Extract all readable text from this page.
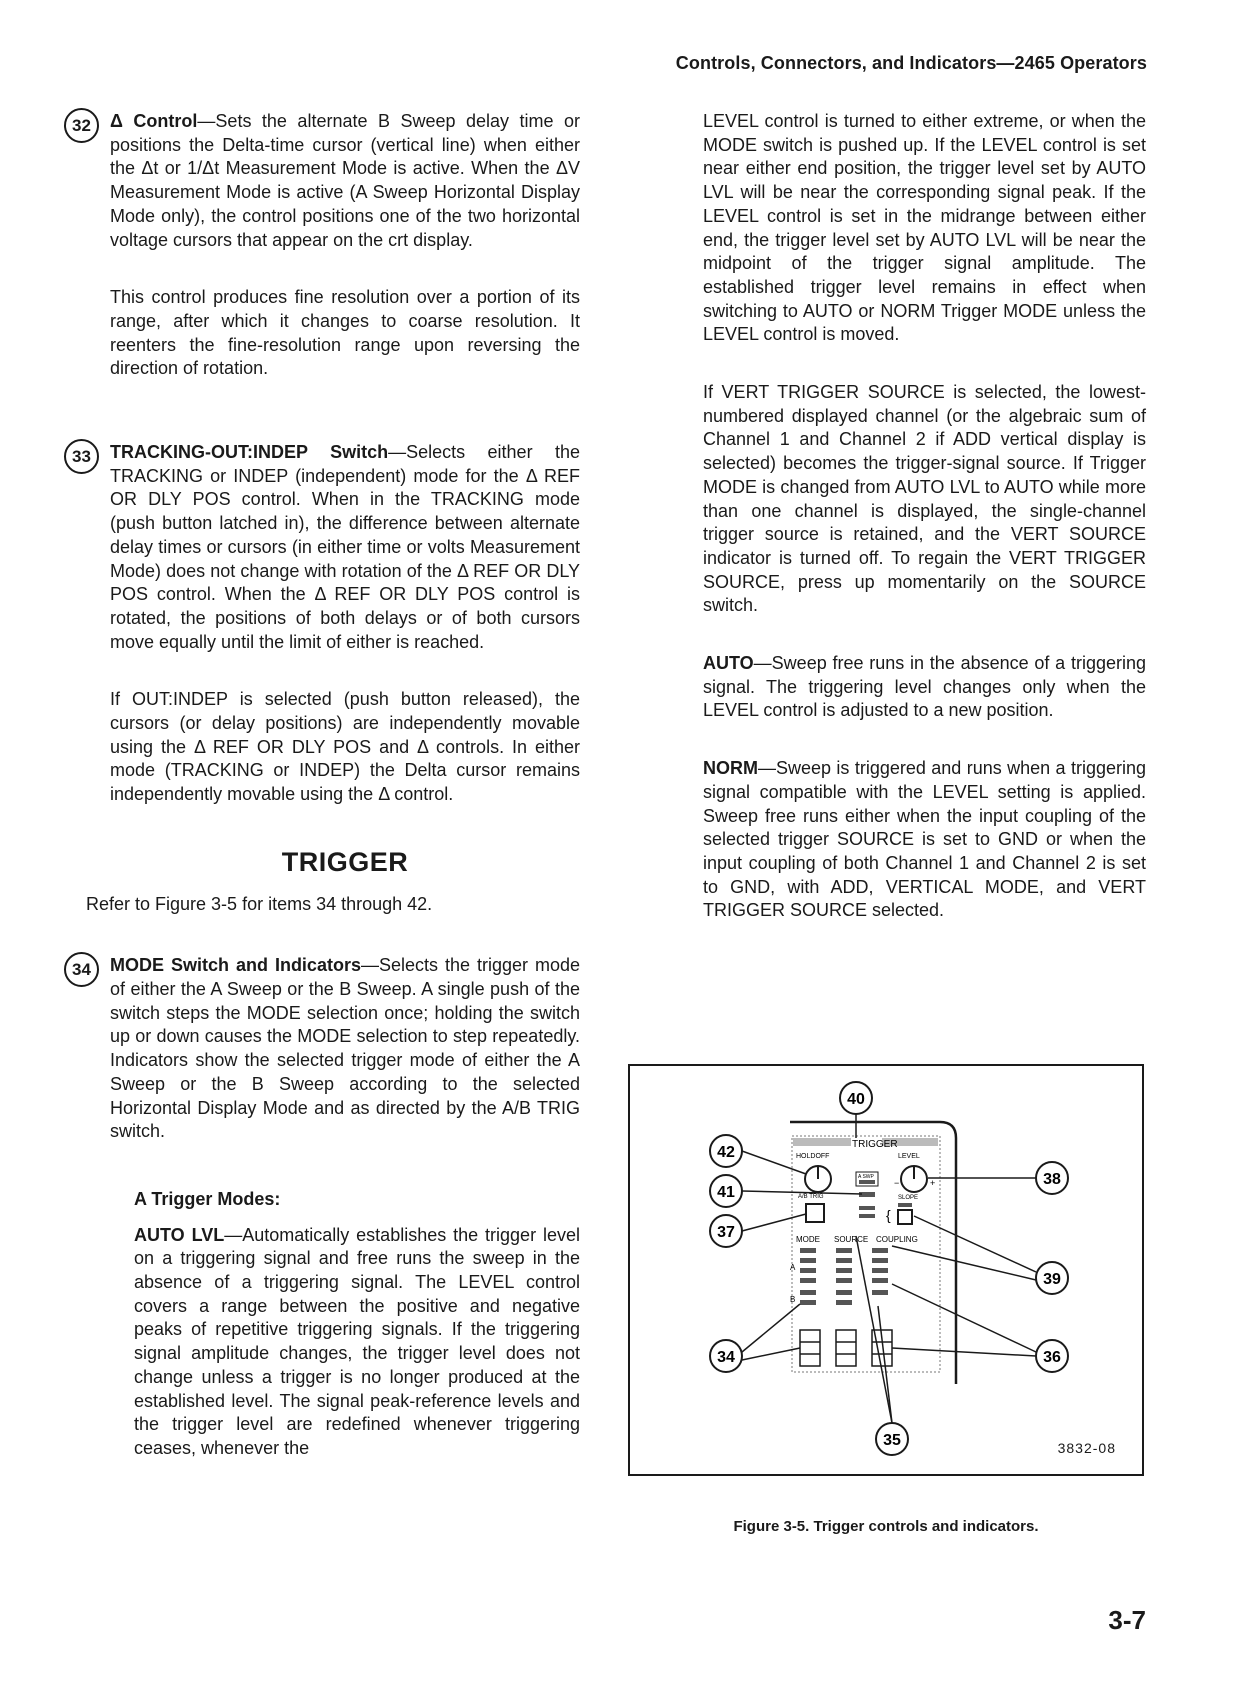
Controls, Connectors, and Indicators—2465 Operators
32	Δ Control—Sets the alternate B Sweep delay time or positions the Delta-time cursor (vertical line) when either the Δt or 1/Δt Measurement Mode is active. When the ΔV Measurement Mode is active (A Sweep Horizontal Display Mode only), the control positions one of the two horizontal voltage cursors that appear on the crt display.

This control produces fine resolution over a portion of its range, after which it changes to coarse resolution. It reenters the fine-resolution range upon reversing the direction of rotation.

33	TRACKING-OUT:INDEP Switch—Selects either the TRACKING or INDEP (independent) mode for the Δ REF OR DLY POS control. When in the TRACKING mode (push button latched in), the difference between alternate delay times or cursors (in either time or volts Measurement Mode) does not change with rotation of the Δ REF OR DLY POS control. When the Δ REF OR DLY POS control is rotated, the positions of both delays or of both cursors move equally until the limit of either is reached.

If OUT:INDEP is selected (push button released), the cursors (or delay positions) are independently movable using the Δ REF OR DLY POS and Δ controls. In either mode (TRACKING or INDEP) the Delta cursor remains independently movable using the Δ control.

TRIGGER
Refer to Figure 3-5 for items 34 through 42.
34	MODE Switch and Indicators—Selects the trigger mode of either the A Sweep or the B Sweep. A single push of the switch steps the MODE selection once; holding the switch up or down causes the MODE selection to step repeatedly. Indicators show the selected trigger mode of either the A Sweep or the B Sweep according to the selected Horizontal Display Mode and as directed by the A/B TRIG switch.

A Trigger Modes:

AUTO LVL—Automatically establishes the trigger level on a triggering signal and free runs the sweep in the absence of a triggering signal. The LEVEL control covers a range between the positive and negative peaks of repetitive triggering signals. If the triggering signal amplitude changes, the trigger level does not change unless a trigger is no longer produced at the established level. The signal peak-reference levels and the trigger level are redefined whenever triggering ceases, whenever the

LEVEL control is turned to either extreme, or when the MODE switch is pushed up. If the LEVEL control is set near either end position, the trigger level set by AUTO LVL will be near the corresponding signal peak. If the LEVEL control is set in the midrange between either end, the trigger level set by AUTO LVL will be near the midpoint of the trigger signal amplitude. The established trigger level remains in effect when switching to AUTO or NORM Trigger MODE unless the LEVEL control is moved.

If VERT TRIGGER SOURCE is selected, the lowest-numbered displayed channel (or the algebraic sum of Channel 1 and Channel 2 if ADD vertical display is selected) becomes the trigger-signal source. If Trigger MODE is changed from AUTO LVL to AUTO while more than one channel is displayed, the single-channel trigger source is retained, and the VERT SOURCE indicator is turned off. To regain the VERT TRIGGER SOURCE, press up momentarily on the SOURCE switch.

AUTO—Sweep free runs in the absence of a triggering signal. The triggering level changes only when the LEVEL control is adjusted to a new position.

NORM—Sweep is triggered and runs when a triggering signal compatible with the LEVEL setting is applied. Sweep free runs either when the input coupling of the selected trigger SOURCE is set to GND or when the input coupling of both Channel 1 and Channel 2 is set to GND, with ADD, VERTICAL MODE, and VERT TRIGGER SOURCE selected.

TRIGGER
HOLDOFF	LEVEL
+
−
A SWP
A/B TRIG	SLOPE
{
MODE SOURCE COUPLING
A
B
40
42
41
37
34
35
38
39
36
3832-08
Figure 3-5. Trigger controls and indicators.
3-7
